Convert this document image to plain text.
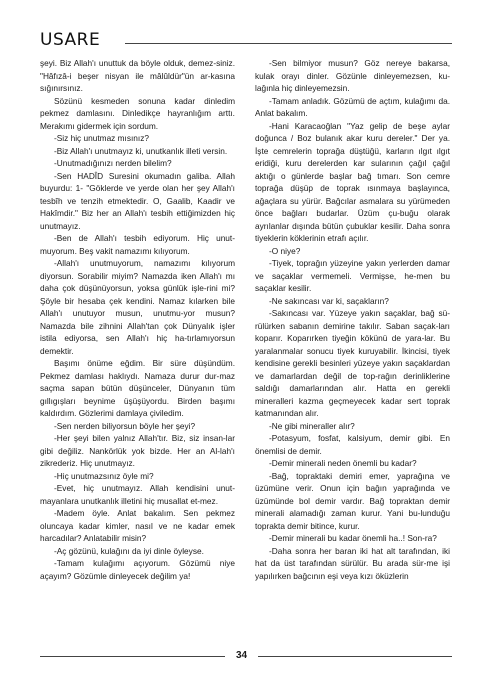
USARE

şeyi. Biz Allah'ı unuttuk da böyle olduk, demez-siniz. "Hâfızâ-i beşer nisyan ile mâlûldür"ün ar-kasına sığınırsınız.

Sözünü kesmeden sonuna kadar dinledim pekmez damlasını. Dinledikçe hayranlığım arttı. Merakımı gidermek için sordum.

-Siz hiç unutmaz mısınız?

-Biz Allah'ı unutmayız ki, unutkanlık illeti versin.

-Unutmadığınızı nerden bilelim?

-Sen HADÎD Suresini okumadın galiba. Allah buyurdu: 1- "Göklerde ve yerde olan her şey Allah'ı tesbîh ve tenzih etmektedir. O, Gaalib, Kaadir ve Hakîmdir." Biz her an Allah'ı tesbih ettiğimizden hiç unutmayız.

-Ben de Allah'ı tesbih ediyorum. Hiç unut-muyorum. Beş vakit namazımı kılıyorum.

-Allah'ı unutmuyorum, namazımı kılıyorum diyorsun. Sorabilir miyim? Namazda iken Allah'ı mı daha çok düşünüyorsun, yoksa günlük işle-rini mi? Şöyle bir hesaba çek kendini. Namaz kılarken bile Allah'ı unutuyor musun, unutmu-yor musun? Namazda bile zihnini Allah'tan çok Dünyalık işler istila ediyorsa, sen Allah'ı hiç ha-tırlamıyorsun demektir.

Başımı önüme eğdim. Bir süre düşündüm. Pekmez damlası haklıydı. Namaza durur dur-maz saçma sapan bütün düşünceler, Dünyanın tüm gıllıgışları beynime üşüşüyordu. Birden başımı kaldırdım. Gözlerimi damlaya çiviledim.

-Sen nerden biliyorsun böyle her şeyi?

-Her şeyi bilen yalnız Allah'tır. Biz, siz insan-lar gibi değiliz. Nankörlük yok bizde. Her an Al-lah'ı zikrederiz. Hiç unutmayız.

-Hiç unutmazsınız öyle mi?

-Evet, hiç unutmayız. Allah kendisini unut-mayanlara unutkanlık illetini hiç musallat et-mez.

-Madem öyle. Anlat bakalım. Sen pekmez oluncaya kadar kimler, nasıl ve ne kadar emek harcadılar? Anlatabilir misin?

-Aç gözünü, kulağını da iyi dinle öyleyse.

-Tamam kulağımı açıyorum. Gözümü niye açayım? Gözümle dinleyecek değilim ya!

-Sen bilmiyor musun? Göz nereye bakarsa, kulak orayı dinler. Gözünle dinleyemezsen, ku-lağınla hiç dinleyemezsin.

-Tamam anladık. Gözümü de açtım, kulağımı da. Anlat bakalım.

-Hani Karacaoğlan "Yaz gelip de beşe aylar doğunca / Boz bulanık akar kuru dereler." Der ya. İşte cemrelerin toprağa düştüğü, karların ılgıt ılgıt eridiği, kuru derelerden kar sularının çağıl çağıl aktığı o günlerde başlar bağ tımarı. Son cemre toprağa düşüp de toprak ısınmaya başlayınca, ağaçlara su yürür. Bağcılar asmalara su yürümeden önce bağları budarlar. Üzüm çu-buğu olarak ayrılanlar dışında bütün çubuklar kesilir. Daha sonra tiyeklerin köklerinin etrafı açılır.

-O niye?

-Tiyek, toprağın yüzeyine yakın yerlerden damar ve saçaklar vermemeli. Vermişse, he-men bu saçaklar kesilir.

-Ne sakıncası var ki, saçakların?

-Sakıncası var. Yüzeye yakın saçaklar, bağ sü-rülürken sabanın demirine takılır. Saban saçak-ları koparır. Koparırken tiyeğin kökünü de yara-lar. Bu yaralanmalar sonucu tiyek kuruyabilir. İkincisi, tiyek kendisine gerekli besinleri yüzeye yakın saçaklardan ve damarlardan değil de top-rağın derinliklerine saldığı damarlarından alır. Hatta en gerekli mineralleri kazma geçmeyecek kadar sert toprak katmanından alır.

-Ne gibi mineraller alır?

-Potasyum, fosfat, kalsiyum, demir gibi. En önemlisi de demir.

-Demir minerali neden önemli bu kadar?

-Bağ, topraktaki demiri emer, yaprağına ve üzümüne verir. Onun için bağın yaprağında ve üzümünde bol demir vardır. Bağ topraktan demir minerali alamadığı zaman kurur. Yani bu-lunduğu toprakta demir bitince, kurur.

-Demir minerali bu kadar önemli ha..! Son-ra?

-Daha sonra her baran iki hat alt tarafından, iki hat da üst tarafından sürülür. Bu arada sür-me işi yapılırken bağcının eşi veya kızı öküzlerin

34
